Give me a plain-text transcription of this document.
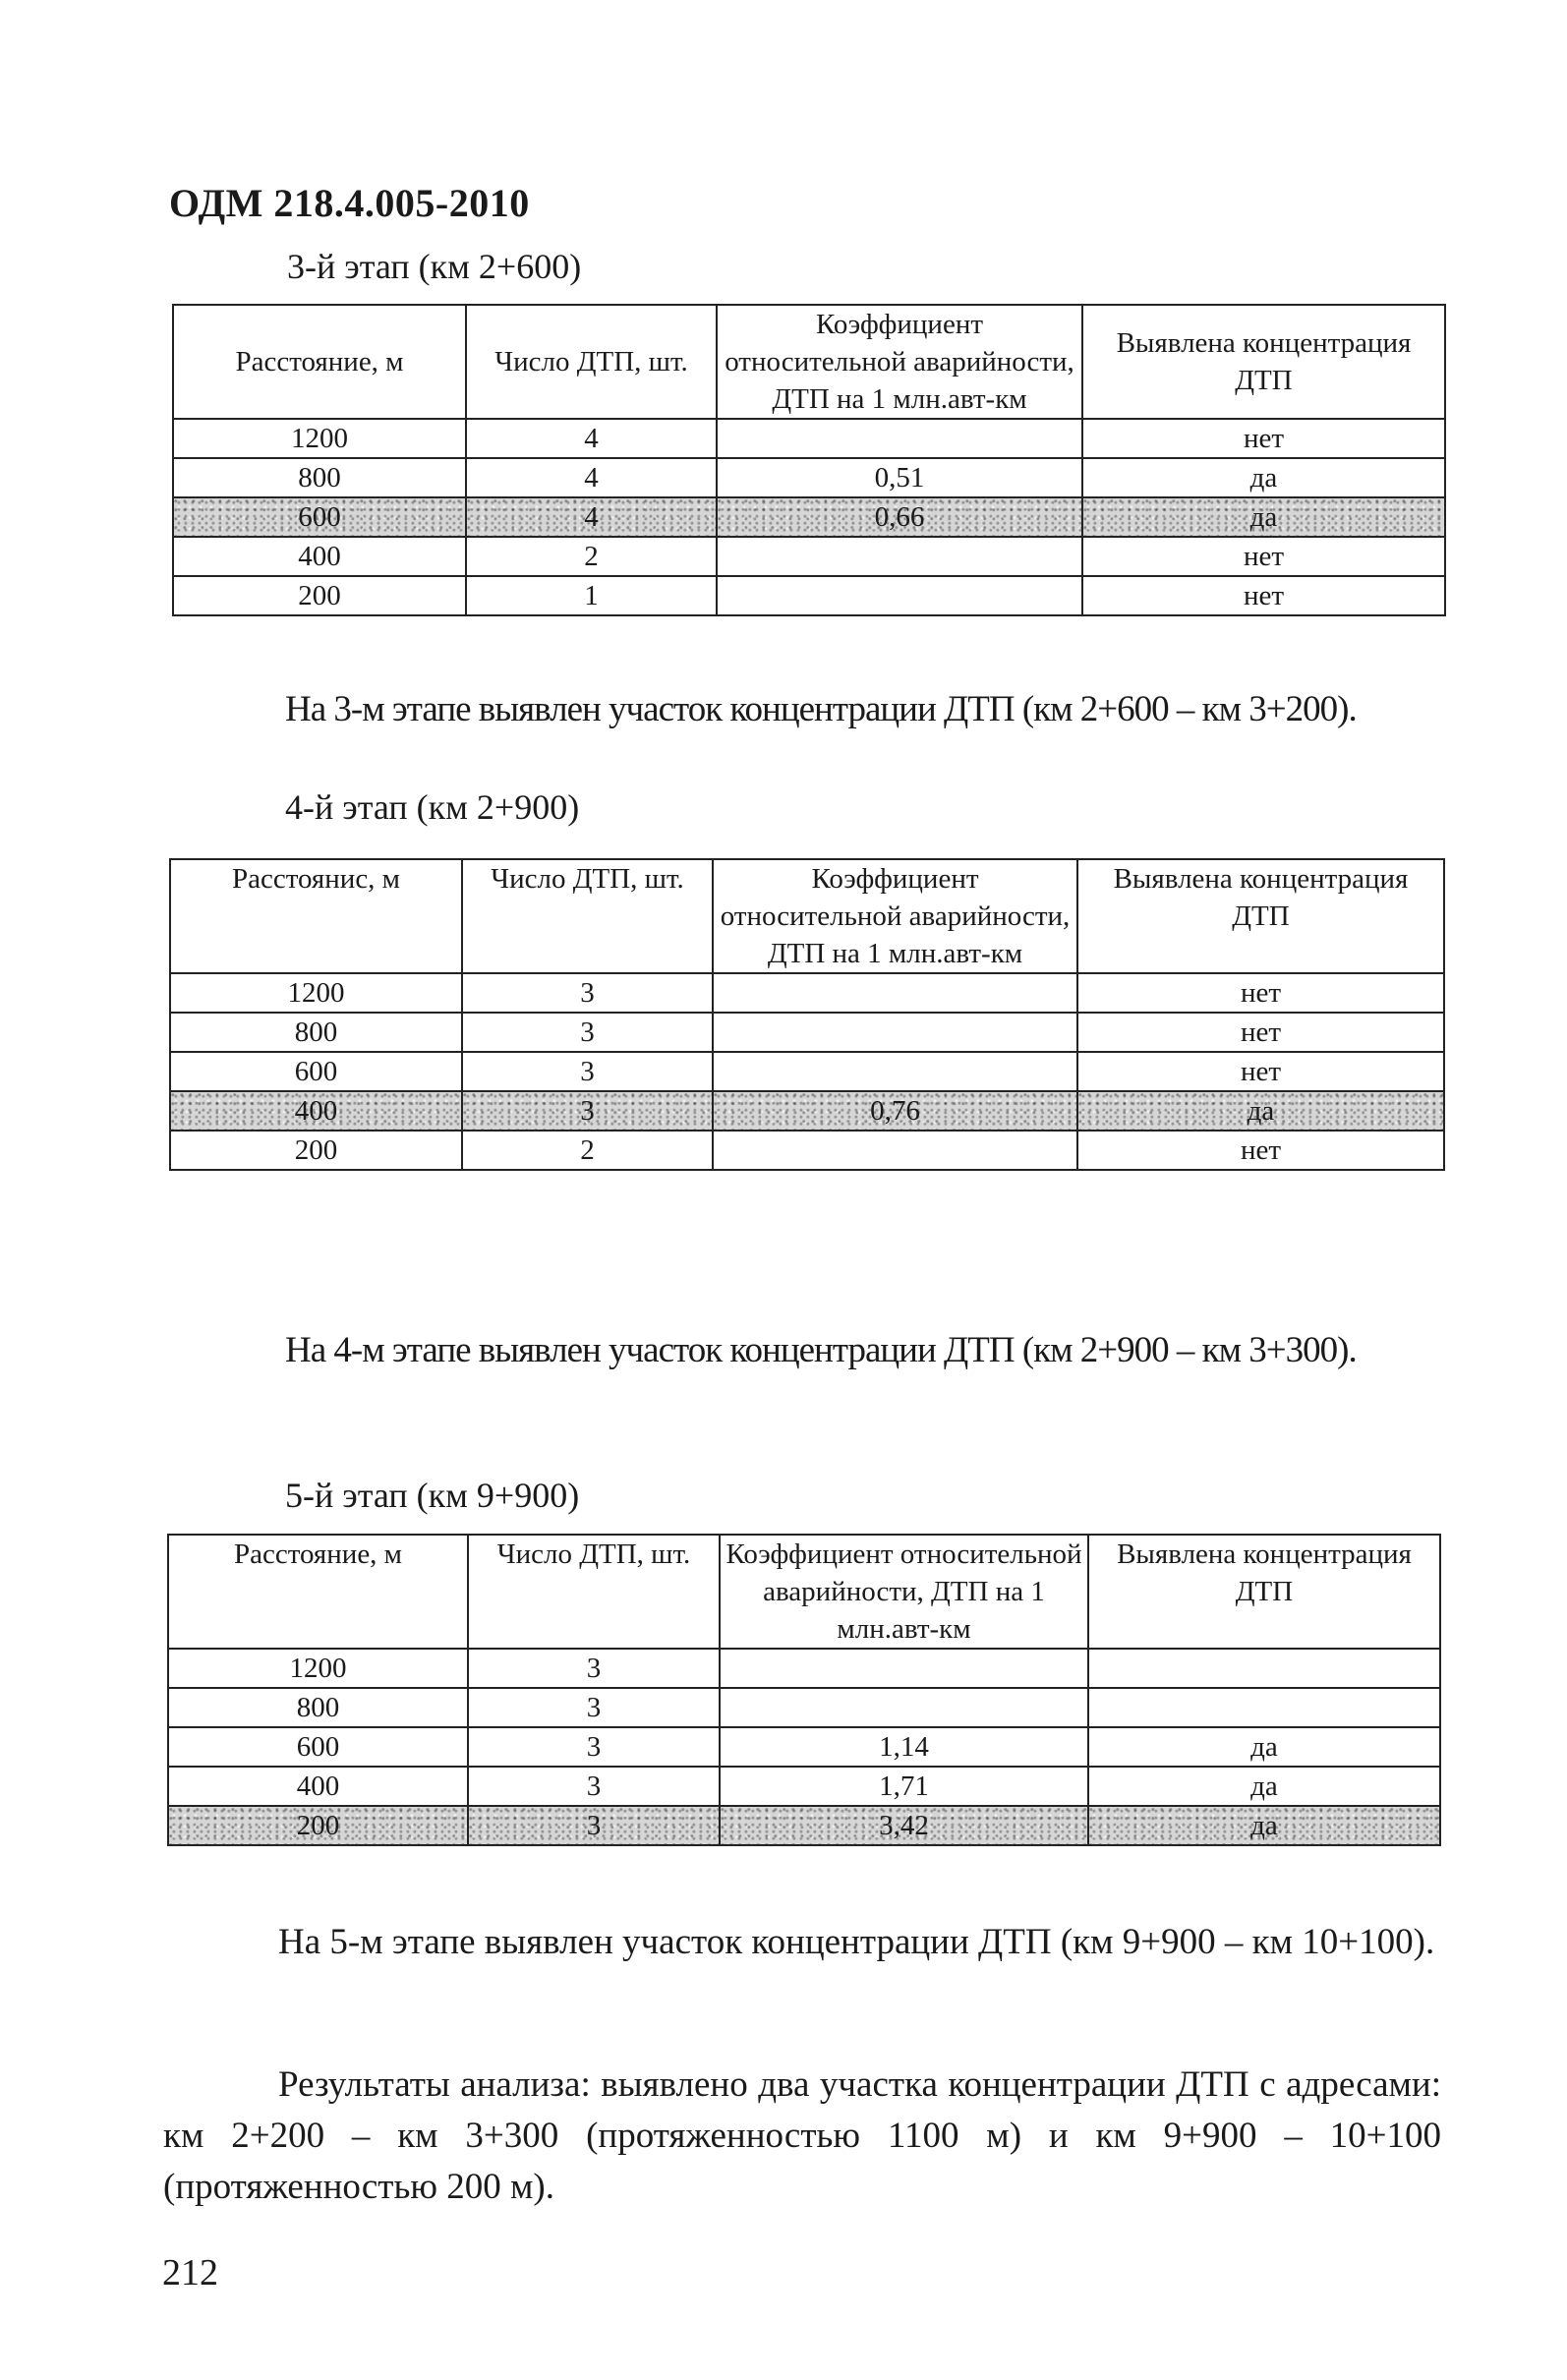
ОДМ 218.4.005-2010
3-й этап (км 2+600)
Расстояние, м	Число ДТП, шт.	Коэффициент относительной аварийности, ДТП на 1 млн.авт-км	Выявлена концентрация ДТП
1200	4		нет
800	4	0,51	да
600	4	0,66	да
400	2		нет
200	1		нет
На 3-м этапе выявлен участок концентрации ДТП (км 2+600 – км 3+200).
4-й этап (км 2+900)
Расстоянис, м	Число ДТП, шт.	Коэффициент относительной аварийности, ДТП на 1 млн.авт-км	Выявлена концентрация ДТП
1200	3		нет
800	3		нет
600	3		нет
400	3	0,76	да
200	2		нет
На 4-м этапе выявлен участок концентрации ДТП (км 2+900 – км 3+300).
5-й этап (км 9+900)
Расстояние, м	Число ДТП, шт.	Коэффициент относительной аварийности, ДТП на 1 млн.авт-км	Выявлена концентрация ДТП
1200	3		
800	3		
600	3	1,14	да
400	3	1,71	да
200	3	3,42	да
На 5-м этапе выявлен участок концентрации ДТП (км 9+900 – км 10+100).
Результаты анализа: выявлено два участка концентрации ДТП с адресами: км 2+200 – км 3+300 (протяженностью 1100 м) и км 9+900 – 10+100 (протяженностью 200 м).
212
